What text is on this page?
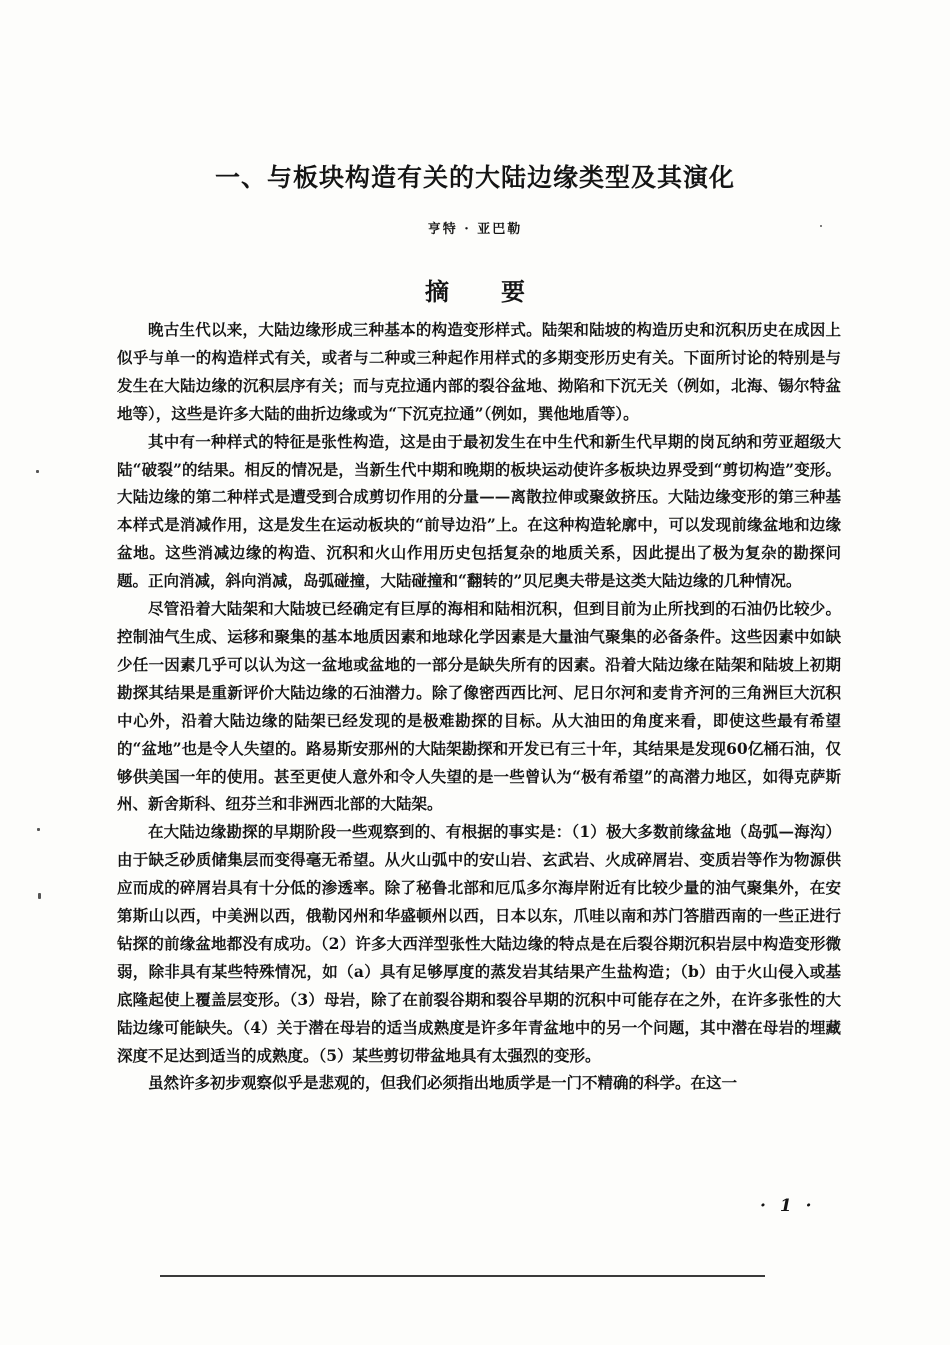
一、与板块构造有关的大陆边缘类型及其演化
亨特 · 亚巴勒
摘要

晚古生代以来，大陆边缘形成三种基本的构造变形样式。陆架和陆坡的构造历史和沉积历史在成因上似乎与单一的构造样式有关，或者与二种或三种起作用样式的多期变形历史有关。下面所讨论的特别是与发生在大陆边缘的沉积层序有关；而与克拉通内部的裂谷盆地、拗陷和下沉无关（例如，北海、锡尔特盆地等），这些是许多大陆的曲折边缘或为“下沉克拉通”（例如，巽他地盾等）。

其中有一种样式的特征是张性构造，这是由于最初发生在中生代和新生代早期的岗瓦纳和劳亚超级大陆“破裂”的结果。相反的情况是，当新生代中期和晚期的板块运动使许多板块边界受到“剪切构造”变形。大陆边缘的第二种样式是遭受到合成剪切作用的分量——离散拉伸或聚敛挤压。大陆边缘变形的第三种基本样式是消减作用，这是发生在运动板块的“前导边沿”上。在这种构造轮廓中，可以发现前缘盆地和边缘盆地。这些消减边缘的构造、沉积和火山作用历史包括复杂的地质关系，因此提出了极为复杂的勘探问题。正向消减，斜向消减，岛弧碰撞，大陆碰撞和“翻转的”贝尼奥夫带是这类大陆边缘的几种情况。

尽管沿着大陆架和大陆坡已经确定有巨厚的海相和陆相沉积，但到目前为止所找到的石油仍比较少。控制油气生成、运移和聚集的基本地质因素和地球化学因素是大量油气聚集的必备条件。这些因素中如缺少任一因素几乎可以认为这一盆地或盆地的一部分是缺失所有的因素。沿着大陆边缘在陆架和陆坡上初期勘探其结果是重新评价大陆边缘的石油潜力。除了像密西西比河、尼日尔河和麦肯齐河的三角洲巨大沉积中心外，沿着大陆边缘的陆架已经发现的是极难勘探的目标。从大油田的角度来看，即使这些最有希望的“盆地”也是令人失望的。路易斯安那州的大陆架勘探和开发已有三十年，其结果是发现60亿桶石油，仅够供美国一年的使用。甚至更使人意外和令人失望的是一些曾认为“极有希望”的高潜力地区，如得克萨斯州、新舍斯科、纽芬兰和非洲西北部的大陆架。

在大陆边缘勘探的早期阶段一些观察到的、有根据的事实是：（1）极大多数前缘盆地（岛弧—海沟）由于缺乏砂质储集层而变得毫无希望。从火山弧中的安山岩、玄武岩、火成碎屑岩、变质岩等作为物源供应而成的碎屑岩具有十分低的渗透率。除了秘鲁北部和厄瓜多尔海岸附近有比较少量的油气聚集外，在安第斯山以西，中美洲以西，俄勒冈州和华盛顿州以西，日本以东，爪哇以南和苏门答腊西南的一些正进行钻探的前缘盆地都没有成功。（2）许多大西洋型张性大陆边缘的特点是在后裂谷期沉积岩层中构造变形微弱，除非具有某些特殊情况，如（a）具有足够厚度的蒸发岩其结果产生盐构造；（b）由于火山侵入或基底隆起使上覆盖层变形。（3）母岩，除了在前裂谷期和裂谷早期的沉积中可能存在之外，在许多张性的大陆边缘可能缺失。（4）关于潜在母岩的适当成熟度是许多年青盆地中的另一个问题，其中潜在母岩的埋藏深度不足达到适当的成熟度。（5）某些剪切带盆地具有太强烈的变形。

虽然许多初步观察似乎是悲观的，但我们必须指出地质学是一门不精确的科学。在这一

· 1 ·
